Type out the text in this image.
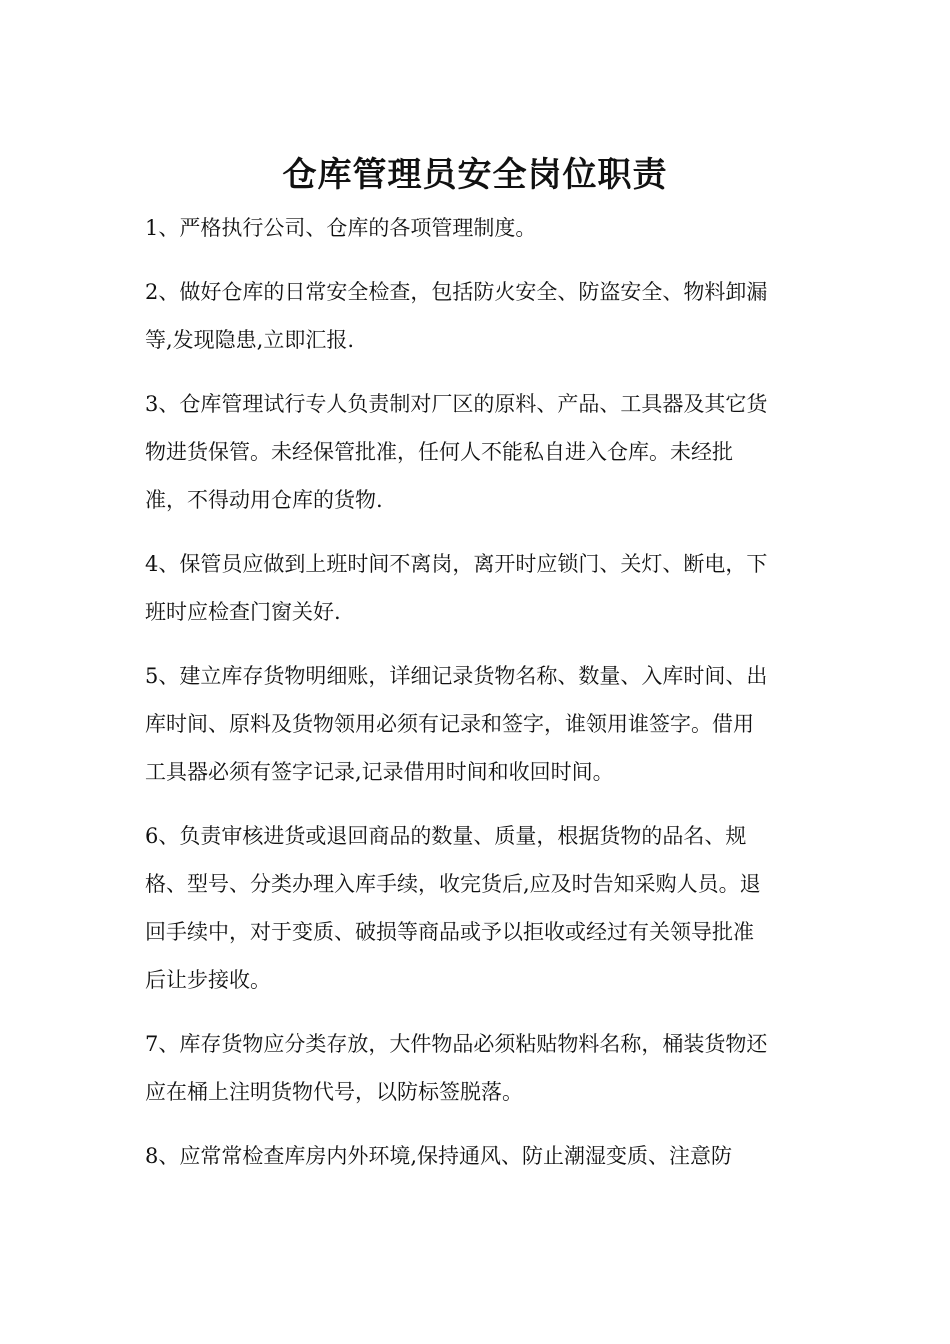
仓库管理员安全岗位职责

1、严格执行公司、仓库的各项管理制度。

2、做好仓库的日常安全检查，包括防火安全、防盗安全、物料卸漏
等,发现隐患,立即汇报.

3、仓库管理试行专人负责制对厂区的原料、产品、工具器及其它货
物进货保管。未经保管批准，任何人不能私自进入仓库。未经批
准，不得动用仓库的货物.

4、保管员应做到上班时间不离岗，离开时应锁门、关灯、断电，下
班时应检查门窗关好.

5、建立库存货物明细账，详细记录货物名称、数量、入库时间、出
库时间、原料及货物领用必须有记录和签字，谁领用谁签字。借用
工具器必须有签字记录,记录借用时间和收回时间。

6、负责审核进货或退回商品的数量、质量，根据货物的品名、规
格、型号、分类办理入库手续，收完货后,应及时告知采购人员。退
回手续中，对于变质、破损等商品或予以拒收或经过有关领导批准
后让步接收。

7、库存货物应分类存放，大件物品必须粘贴物料名称，桶装货物还
应在桶上注明货物代号，以防标签脱落。

8、应常常检查库房内外环境,保持通风、防止潮湿变质、注意防
